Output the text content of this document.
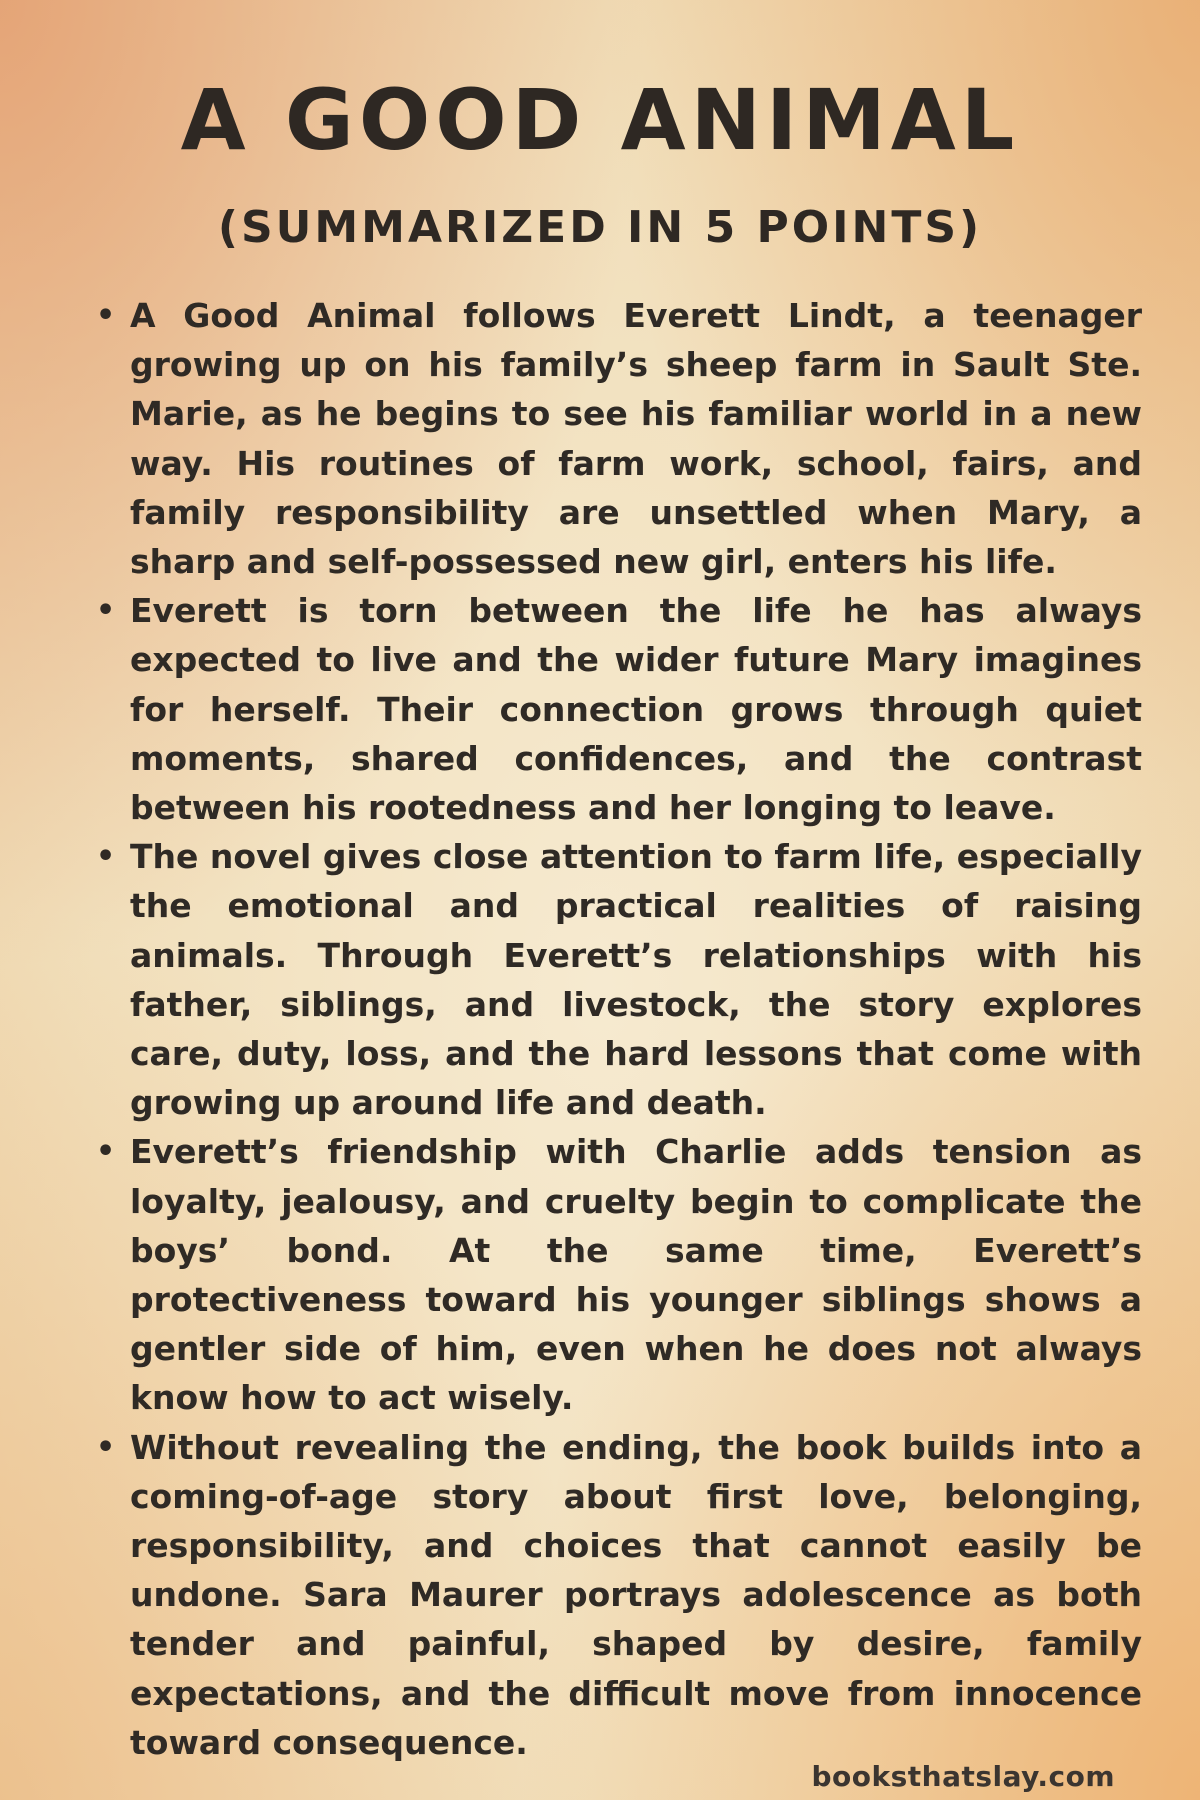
A GOOD ANIMAL
(SUMMARIZED IN 5 POINTS)
• A Good Animal follows Everett Lindt, a teenager growing up on his family’s sheep farm in Sault Ste. Marie, as he begins to see his familiar world in a new way. His routines of farm work, school, fairs, and family responsibility are unsettled when Mary, a sharp and self-possessed new girl, enters his life.
• Everett is torn between the life he has always expected to live and the wider future Mary imagines for herself. Their connection grows through quiet moments, shared confidences, and the contrast between his rootedness and her longing to leave.
• The novel gives close attention to farm life, especially the emotional and practical realities of raising animals. Through Everett’s relationships with his father, siblings, and livestock, the story explores care, duty, loss, and the hard lessons that come with growing up around life and death.
• Everett’s friendship with Charlie adds tension as loyalty, jealousy, and cruelty begin to complicate the boys’ bond. At the same time, Everett’s protectiveness toward his younger siblings shows a gentler side of him, even when he does not always know how to act wisely.
• Without revealing the ending, the book builds into a coming-of-age story about first love, belonging, responsibility, and choices that cannot easily be undone. Sara Maurer portrays adolescence as both tender and painful, shaped by desire, family expectations, and the difficult move from innocence toward consequence.
booksthatslay.com
